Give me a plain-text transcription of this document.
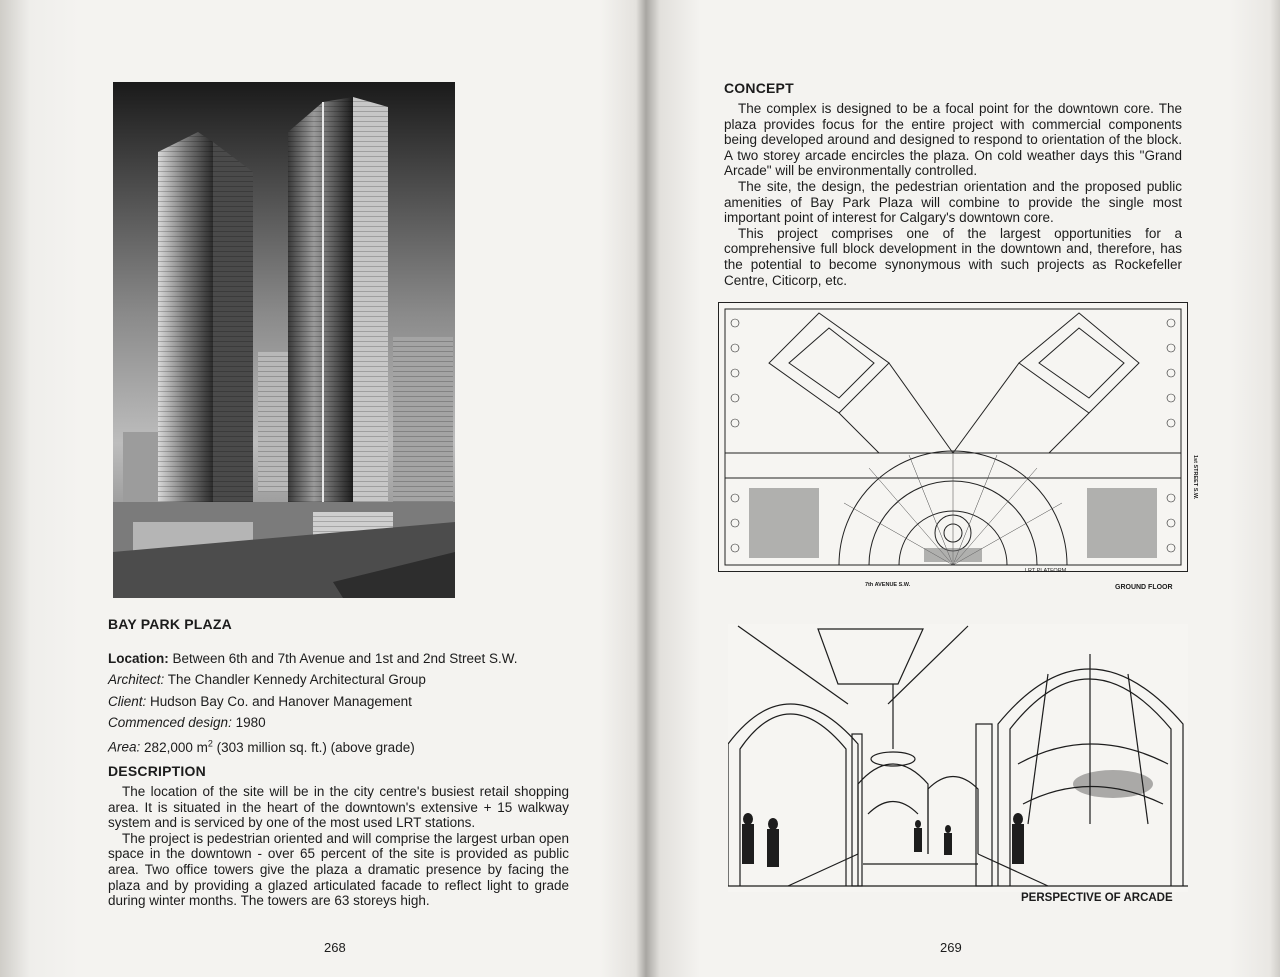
BAY PARK PLAZA
Location: Between 6th and 7th Avenue and 1st and 2nd Street S.W.
Architect: The Chandler Kennedy Architectural Group
Client: Hudson Bay Co. and Hanover Management
Commenced design: 1980
Area: 282,000 $m^2$ (303 million sq. ft.) (above grade)
DESCRIPTION

The location of the site will be in the city centre's busiest retail shopping area. It is situated in the heart of the downtown's extensive + 15 walkway system and is serviced by one of the most used LRT stations.

The project is pedestrian oriented and will comprise the largest urban open space in the downtown - over 65 percent of the site is provided as public area. Two office towers give the plaza a dramatic presence by facing the plaza and by providing a glazed articulated facade to reflect light to grade during winter months. The towers are 63 storeys high.

268
CONCEPT

The complex is designed to be a focal point for the downtown core. The plaza provides focus for the entire project with commercial components being developed around and designed to respond to orientation of the block. A two storey arcade encircles the plaza. On cold weather days this "Grand Arcade" will be environmentally controlled.

The site, the design, the pedestrian orientation and the proposed public amenities of Bay Park Plaza will combine to provide the single most important point of interest for Calgary's downtown core.

This project comprises one of the largest opportunities for a comprehensive full block development in the downtown and, therefore, has the potential to become synonymous with such projects as Rockefeller Centre, Citicorp, etc.

7th AVENUE S.W.
LRT PLATFORM
GROUND FLOOR
1st STREET S.W.
PERSPECTIVE OF ARCADE
269
